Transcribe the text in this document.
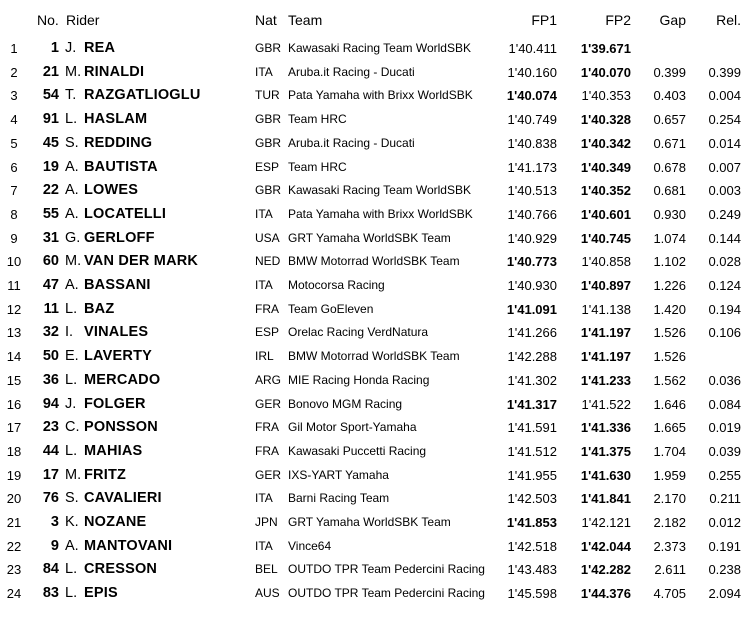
No. Rider	Nat Team	FP1	FP2 Gap Rel.
1	1 J. REA	GBR Kawasaki Racing Team WorldSBK	1'40.411 1'39.671
2	21 M. RINALDI	ITA Aruba.it Racing - Ducati	1'40.160 1'40.070 0.399 0.399
3	54 T. RAZGATLIOGLU	TUR Pata Yamaha with Brixx WorldSBK	1'40.074 1'40.353 0.403 0.004
4	91 L. HASLAM	GBR Team HRC	1'40.749 1'40.328 0.657 0.254
5	45 S. REDDING	GBR Aruba.it Racing - Ducati	1'40.838 1'40.342 0.671 0.014
6	19 A. BAUTISTA	ESP Team HRC	1'41.173 1'40.349 0.678 0.007
7	22 A. LOWES	GBR Kawasaki Racing Team WorldSBK	1'40.513 1'40.352 0.681 0.003
8	55 A. LOCATELLI	ITA Pata Yamaha with Brixx WorldSBK	1'40.766 1'40.601 0.930 0.249
9	31 G. GERLOFF	USA GRT Yamaha WorldSBK Team	1'40.929 1'40.745 1.074 0.144
10	60 M. VAN DER MARK	NED BMW Motorrad WorldSBK Team	1'40.773 1'40.858 1.102 0.028
11	47 A. BASSANI	ITA Motocorsa Racing	1'40.930 1'40.897 1.226 0.124
12	11 L. BAZ	FRA Team GoEleven	1'41.091 1'41.138 1.420 0.194
13	32 I. VINALES	ESP Orelac Racing VerdNatura	1'41.266 1'41.197 1.526 0.106
14	50 E. LAVERTY	IRL BMW Motorrad WorldSBK Team	1'42.288 1'41.197 1.526
15	36 L. MERCADO	ARG MIE Racing Honda Racing	1'41.302 1'41.233 1.562 0.036
16	94 J. FOLGER	GER Bonovo MGM Racing	1'41.317 1'41.522 1.646 0.084
17	23 C. PONSSON	FRA Gil Motor Sport-Yamaha	1'41.591 1'41.336 1.665 0.019
18	44 L. MAHIAS	FRA Kawasaki Puccetti Racing	1'41.512 1'41.375 1.704 0.039
19	17 M. FRITZ	GER IXS-YART Yamaha	1'41.955 1'41.630 1.959 0.255
20	76 S. CAVALIERI	ITA Barni Racing Team	1'42.503 1'41.841 2.170 0.211
21	3 K. NOZANE	JPN GRT Yamaha WorldSBK Team	1'41.853 1'42.121 2.182 0.012
22	9 A. MANTOVANI	ITA Vince64	1'42.518 1'42.044 2.373 0.191
23	84 L. CRESSON	BEL OUTDO TPR Team Pedercini Racing 1'43.483 1'42.282 2.611 0.238
24	83 L. EPIS	AUS OUTDO TPR Team Pedercini Racing 1'45.598 1'44.376 4.705 2.094
